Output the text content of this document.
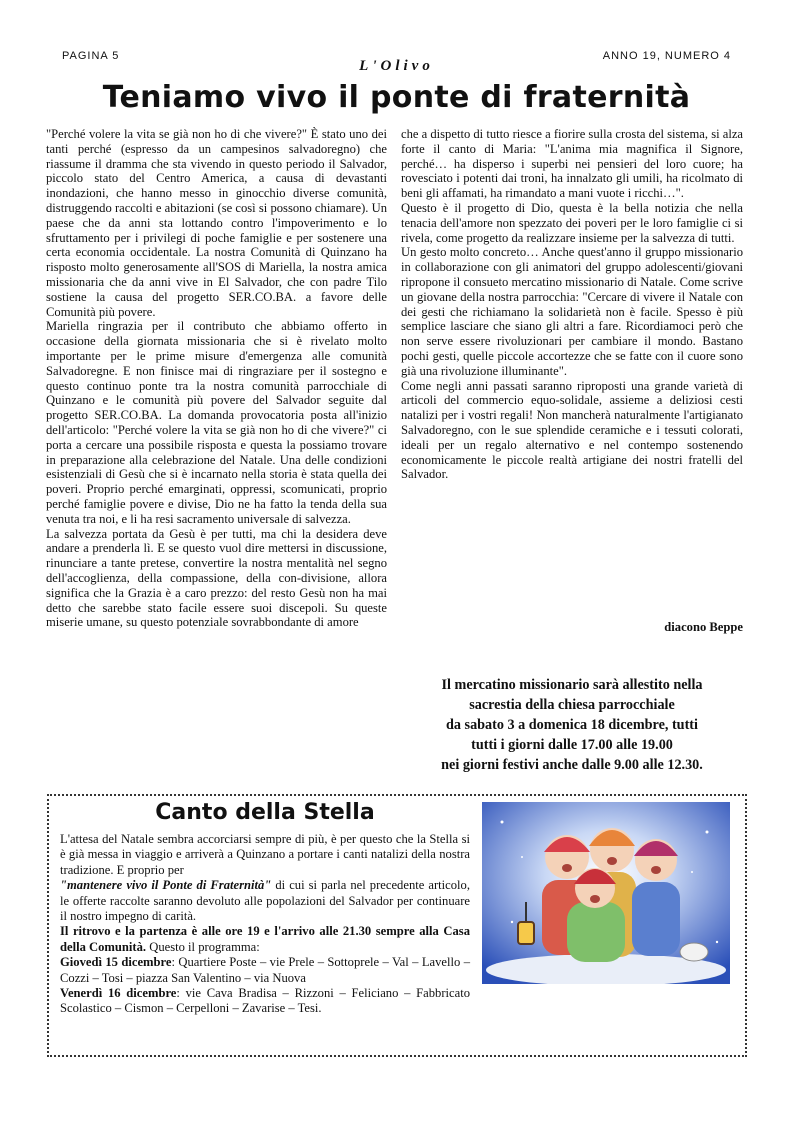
PAGINA 5
L'Olivo
ANNO 19, NUMERO 4
Teniamo vivo il ponte di fraternità

"Perché volere la vita se già non ho di che vivere?" È stato uno dei tanti perché (espresso da un campesinos salvadoregno) che riassume il dramma che sta vivendo in questo periodo il Salvador, piccolo stato del Centro America, a causa di devastanti inondazioni, che hanno messo in ginocchio diverse comunità, distruggendo raccolti e abitazioni (se così si possono chiamare). Un paese che da anni sta lottando contro l'impoverimento e lo sfruttamento per i privilegi di poche famiglie e per sostenere una certa economia occidentale. La nostra Comunità di Quinzano ha risposto molto generosamente all'SOS di Mariella, la nostra amica missionaria che da anni vive in El Salvador, che con padre Tilo sostiene la causa del progetto SER.CO.BA. a favore delle Comunità più povere.

Mariella ringrazia per il contributo che abbiamo offerto in occasione della giornata missionaria che si è rivelato molto importante per le prime misure d'emergenza alle comunità Salvadoregne. E non finisce mai di ringraziare per il sostegno e questo continuo ponte tra la nostra comunità parrocchiale di Quinzano e le comunità più povere del Salvador seguite dal progetto SER.CO.BA. La domanda provocatoria posta all'inizio dell'articolo: "Perché volere la vita se già non ho di che vivere?" ci porta a cercare una possibile risposta e questa la possiamo trovare in preparazione alla celebrazione del Natale. Una delle condizioni esistenziali di Gesù che si è incarnato nella storia è stata quella dei poveri. Proprio perché emarginati, oppressi, scomunicati, proprio perché famiglie povere e divise, Dio ne ha fatto la tenda della sua venuta tra noi, e li ha resi sacramento universale di salvezza.

La salvezza portata da Gesù è per tutti, ma chi la desidera deve andare a prenderla lì. E se questo vuol dire mettersi in discussione, rinunciare a tante pretese, convertire la nostra mentalità nel segno dell'accoglienza, della compassione, della con-divisione, allora significa che la Grazia è a caro prezzo: del resto Gesù non ha mai detto che sarebbe stato facile essere suoi discepoli. Su queste miserie umane, su questo potenziale sovrabbondante di amore

che a dispetto di tutto riesce a fiorire sulla crosta del sistema, si alza forte il canto di Maria: "L'anima mia magnifica il Signore, perché… ha disperso i superbi nei pensieri del loro cuore; ha rovesciato i potenti dai troni, ha innalzato gli umili, ha ricolmato di beni gli affamati, ha rimandato a mani vuote i ricchi…".

Questo è il progetto di Dio, questa è la bella notizia che nella tenacia dell'amore non spezzato dei poveri per le loro famiglie ci si rivela, come progetto da realizzare insieme per la salvezza di tutti.

Un gesto molto concreto… Anche quest'anno il gruppo missionario in collaborazione con gli animatori del gruppo adolescenti/giovani ripropone il consueto mercatino missionario di Natale. Come scrive un giovane della nostra parrocchia: "Cercare di vivere il Natale con dei gesti che richiamano la solidarietà non è facile. Spesso è più semplice lasciare che siano gli altri a fare. Ricordiamoci però che non serve essere rivoluzionari per cambiare il mondo. Bastano pochi gesti, quelle piccole accortezze che se fatte con il cuore sono già una rivoluzione illuminante".

Come negli anni passati saranno riproposti una grande varietà di articoli del commercio equo-solidale, assieme a deliziosi cesti natalizi per i vostri regali! Non mancherà naturalmente l'artigianato Salvadoregno, con le sue splendide ceramiche e i tessuti colorati, ideali per un regalo alternativo e nel contempo sostenendo economicamente le piccole realtà artigiane dei nostri fratelli del Salvador.

diacono Beppe
Il mercatino missionario sarà allestito nella
sacrestia della chiesa parrocchiale
da sabato 3 a domenica 18 dicembre, tutti
tutti i giorni dalle 17.00 alle 19.00
nei giorni festivi anche dalle 9.00 alle 12.30.
Canto della Stella

L'attesa del Natale sembra accorciarsi sempre di più, è per questo che la Stella si è già messa in viaggio e arriverà a Quinzano a portare i canti natalizi della nostra tradizione. E proprio per
"mantenere vivo il Ponte di Fraternità" di cui si parla nel precedente articolo, le offerte raccolte saranno devoluto alle popolazioni del Salvador per continuare il nostro impegno di carità.

Il ritrovo e la partenza è alle ore 19 e l'arrivo alle 21.30 sempre alla Casa della Comunità. Questo il programma:

Giovedì 15 dicembre: Quartiere Poste – vie Prele – Sottoprele – Val – Lavello – Cozzi – Tosi – piazza San Valentino – via Nuova

Venerdì 16 dicembre: vie Cava Bradisa – Rizzoni – Feliciano – Fabbricato Scolastico – Cismon – Cerpelloni – Zavarise – Tesi.
